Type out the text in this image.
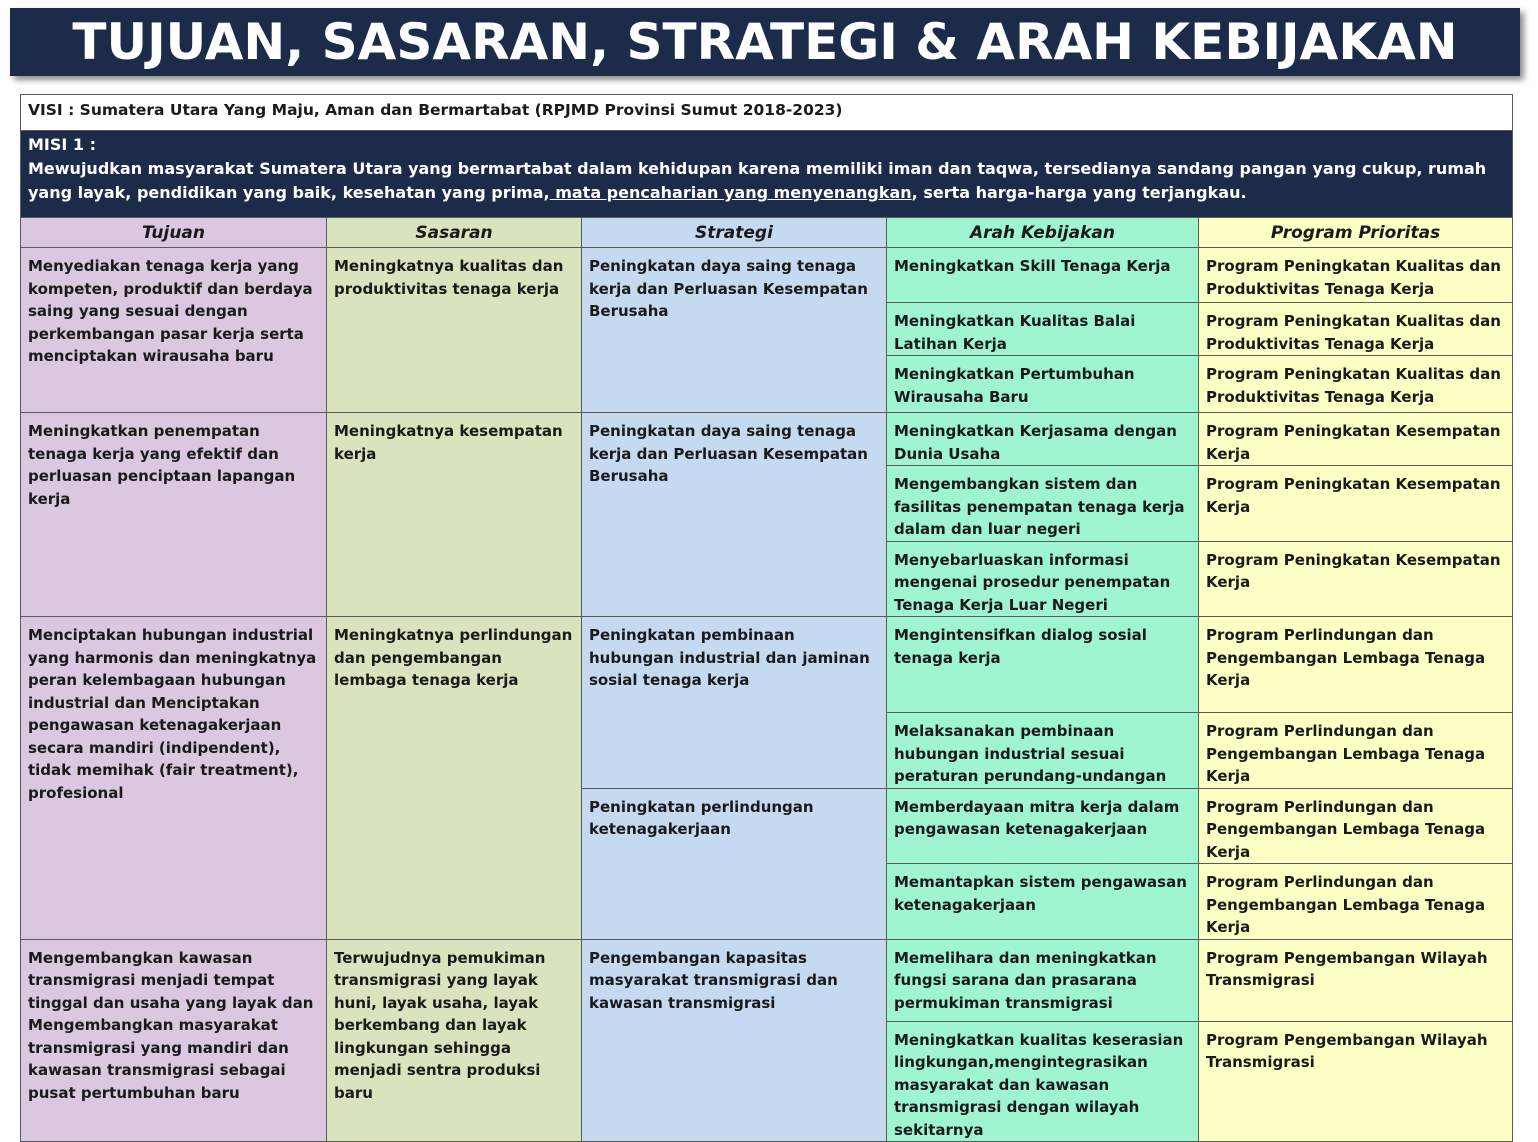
TUJUAN, SASARAN, STRATEGI & ARAH KEBIJAKAN
VISI : Sumatera Utara Yang Maju, Aman dan Bermartabat (RPJMD Provinsi Sumut 2018-2023)				
MISI 1 :
Mewujudkan masyarakat Sumatera Utara yang bermartabat dalam kehidupan karena memiliki iman dan taqwa, tersedianya sandang pangan yang cukup, rumah yang layak, pendidikan yang baik, kesehatan yang prima, mata pencaharian yang menyenangkan, serta harga-harga yang terjangkau.				
Tujuan	Sasaran	Strategi	Arah Kebijakan	Program Prioritas
Menyediakan tenaga kerja yang kompeten, produktif dan berdaya saing yang sesuai dengan perkembangan pasar kerja serta menciptakan wirausaha baru	Meningkatnya kualitas dan produktivitas tenaga kerja	Peningkatan daya saing tenaga kerja dan Perluasan Kesempatan Berusaha	Meningkatkan Skill Tenaga Kerja	Program Peningkatan Kualitas dan Produktivitas Tenaga Kerja
			Meningkatkan Kualitas Balai Latihan Kerja	Program Peningkatan Kualitas dan Produktivitas Tenaga Kerja
			Meningkatkan Pertumbuhan Wirausaha Baru	Program Peningkatan Kualitas dan Produktivitas Tenaga Kerja
Meningkatkan penempatan tenaga kerja yang efektif dan perluasan penciptaan lapangan kerja	Meningkatnya kesempatan kerja	Peningkatan daya saing tenaga kerja dan Perluasan Kesempatan Berusaha	Meningkatkan Kerjasama dengan Dunia Usaha	Program Peningkatan Kesempatan Kerja
			Mengembangkan sistem dan fasilitas penempatan tenaga kerja dalam dan luar negeri	Program Peningkatan Kesempatan Kerja
			Menyebarluaskan informasi mengenai prosedur penempatan Tenaga Kerja Luar Negeri	Program Peningkatan Kesempatan Kerja
Menciptakan hubungan industrial yang harmonis dan meningkatnya peran kelembagaan hubungan industrial dan Menciptakan pengawasan ketenagakerjaan secara mandiri (indipendent), tidak memihak (fair treatment), profesional	Meningkatnya perlindungan dan pengembangan lembaga tenaga kerja	Peningkatan pembinaan hubungan industrial dan jaminan sosial tenaga kerja	Mengintensifkan dialog sosial tenaga kerja	Program Perlindungan dan Pengembangan Lembaga Tenaga Kerja
			Melaksanakan pembinaan hubungan industrial sesuai peraturan perundang-undangan	Program Perlindungan dan Pengembangan Lembaga Tenaga Kerja
		Peningkatan perlindungan ketenagakerjaan	Memberdayaan mitra kerja dalam pengawasan ketenagakerjaan	Program Perlindungan dan Pengembangan Lembaga Tenaga Kerja
			Memantapkan sistem pengawasan ketenagakerjaan	Program Perlindungan dan Pengembangan Lembaga Tenaga Kerja
Mengembangkan kawasan transmigrasi menjadi tempat tinggal dan usaha yang layak dan Mengembangkan masyarakat transmigrasi yang mandiri dan kawasan transmigrasi sebagai pusat pertumbuhan baru	Terwujudnya pemukiman transmigrasi yang layak huni, layak usaha, layak berkembang dan layak lingkungan sehingga menjadi sentra produksi baru	Pengembangan kapasitas masyarakat transmigrasi dan kawasan transmigrasi	Memelihara dan meningkatkan fungsi sarana dan prasarana permukiman transmigrasi	Program Pengembangan Wilayah Transmigrasi
			Meningkatkan kualitas keserasian lingkungan,mengintegrasikan masyarakat dan kawasan transmigrasi dengan wilayah sekitarnya	Program Pengembangan Wilayah Transmigrasi
